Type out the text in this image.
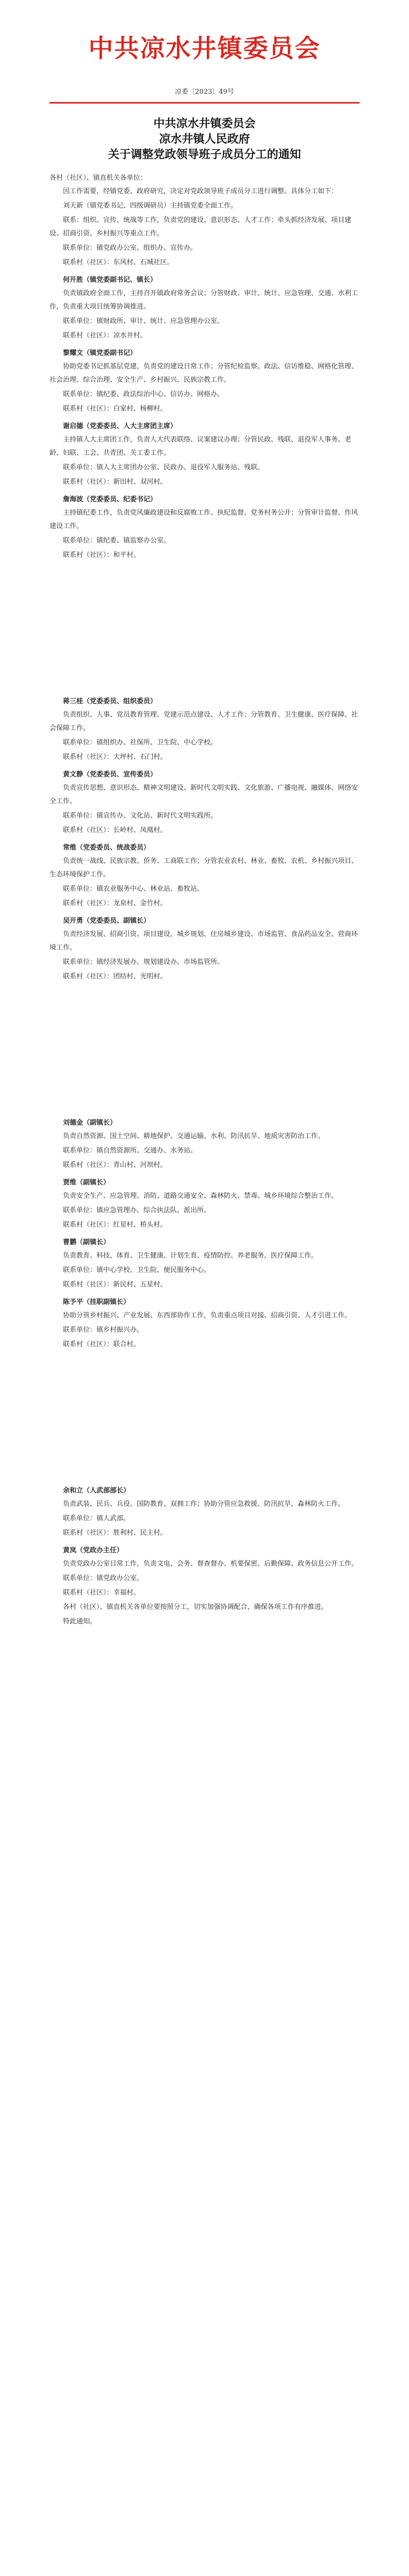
中共凉水井镇委员会
凉委〔2023〕49号
中共凉水井镇委员会
凉水井镇人民政府
关于调整党政领导班子成员分工的通知
各村（社区）、镇直机关各单位：

因工作需要，经镇党委、政府研究，决定对党政领导班子成员分工进行调整。具体分工如下：

刘天新（镇党委书记、四级调研员）主持镇党委全面工作。

联系：组织、宣传、统战等工作，负责党的建设、意识形态、人才工作；牵头抓经济发展、项目建设、招商引资、乡村振兴等重点工作。

联系单位：镇党政办公室、组织办、宣传办。

联系村（社区）：东风村、石城社区。

何开胜（镇党委副书记、镇长）

负责镇政府全面工作，主持召开镇政府常务会议；分管财政、审计、统计、应急管理、交通、水利工作，负责重大项目统筹协调推进。

联系单位：镇财政所、审计、统计、应急管理办公室。

联系村（社区）：凉水井村。

黎耀文（镇党委副书记）

协助党委书记抓基层党建，负责党的建设日常工作；分管纪检监察、政法、信访维稳、网格化管理、社会治理、综合治理、安全生产、乡村振兴、民族宗教工作。

联系单位：镇纪委、政法综治中心、信访办、网格办。

联系村（社区）：白家村、杨柳村。

谢启德（党委委员、人大主席团主席）

主持镇人大主席团工作，负责人大代表联络、议案建议办理；分管民政、残联、退役军人事务、老龄、妇联、工会、共青团、关工委工作。

联系单位：镇人大主席团办公室、民政办、退役军人服务站、残联。

联系村（社区）：新田村、双河村。

詹海波（党委委员、纪委书记）

主持镇纪委工作，负责党风廉政建设和反腐败工作、执纪监督、党务村务公开；分管审计监督、作风建设工作。

联系单位：镇纪委、镇监察办公室。

联系村（社区）：和平村。

蒋三桂（党委委员、组织委员）

负责组织、人事、党员教育管理、党建示范点建设、人才工作；分管教育、卫生健康、医疗保障、社会保障工作。

联系单位：镇组织办、社保所、卫生院、中心学校。

联系村（社区）：大坪村、石门村。

黄文静（党委委员、宣传委员）

负责宣传思想、意识形态、精神文明建设、新时代文明实践、文化旅游、广播电视、融媒体、网络安全工作。

联系单位：镇宣传办、文化站、新时代文明实践所。

联系村（社区）：长岭村、凤凰村。

常维（党委委员、统战委员）

负责统一战线、民族宗教、侨务、工商联工作；分管农业农村、林业、畜牧、农机、乡村振兴项目、生态环境保护工作。

联系单位：镇农业服务中心、林业站、畜牧站。

联系村（社区）：龙泉村、金竹村。

吴开勇（党委委员、副镇长）

负责经济发展、招商引资、项目建设、城乡规划、住房城乡建设、市场监管、食品药品安全、营商环境工作。

联系单位：镇经济发展办、规划建设办、市场监管所。

联系村（社区）：团结村、光明村。

刘德金（副镇长）

负责自然资源、国土空间、耕地保护、交通运输、水利、防汛抗旱、地质灾害防治工作。

联系单位：镇自然资源所、交通办、水务站。

联系村（社区）：青山村、河坝村。

贾维（副镇长）

负责安全生产、应急管理、消防、道路交通安全、森林防火、禁毒、城乡环境综合整治工作。

联系单位：镇应急管理办、综合执法队、派出所。

联系村（社区）：红星村、桥头村。

曹鹏（副镇长）

负责教育、科技、体育、卫生健康、计划生育、疫情防控、养老服务、医疗保障工作。

联系单位：镇中心学校、卫生院、便民服务中心。

联系村（社区）：新民村、五星村。

陈予平（挂职副镇长）

协助分管乡村振兴、产业发展、东西部协作工作，负责重点项目对接、招商引资、人才引进工作。

联系单位：镇乡村振兴办。

联系村（社区）：联合村。

余和立（人武部部长）

负责武装、民兵、兵役、国防教育、双拥工作；协助分管应急救援、防汛抗旱、森林防火工作。

联系单位：镇人武部。

联系村（社区）：胜利村、民主村。

黄岚（党政办主任）

负责党政办公室日常工作，负责文电、会务、督查督办、机要保密、后勤保障、政务信息公开工作。

联系单位：镇党政办公室。

联系村（社区）：幸福村。

各村（社区）、镇直机关各单位要按照分工，切实加强协调配合，确保各项工作有序推进。

特此通知。
